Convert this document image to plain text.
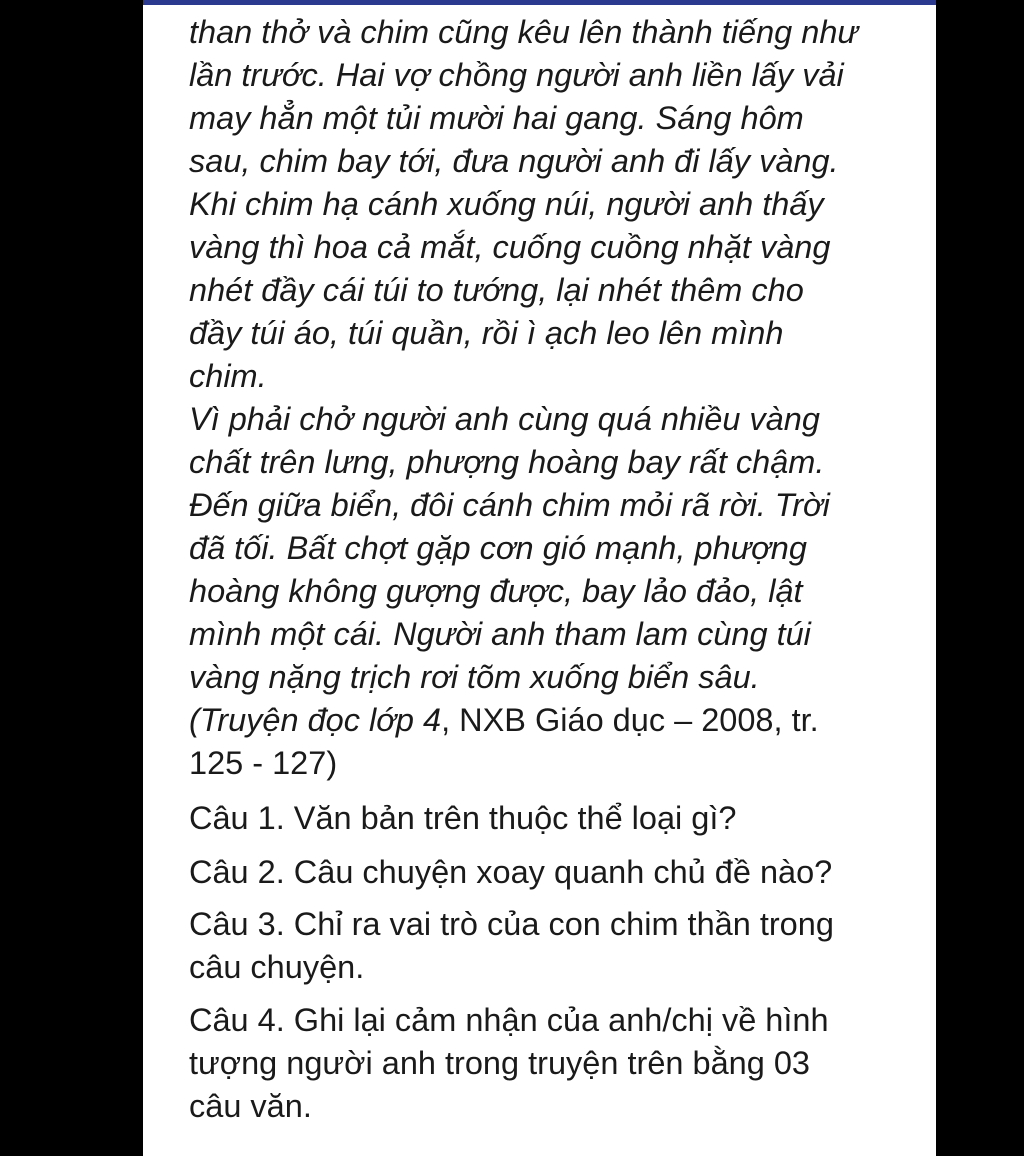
than thở và chim cũng kêu lên thành tiếng như
lần trước. Hai vợ chồng người anh liền lấy vải
may hẳn một tủi mười hai gang. Sáng hôm
sau, chim bay tới, đưa người anh đi lấy vàng.
Khi chim hạ cánh xuống núi, người anh thấy
vàng thì hoa cả mắt, cuống cuồng nhặt vàng
nhét đầy cái túi to tướng, lại nhét thêm cho
đầy túi áo, túi quần, rồi ì ạch leo lên mình
chim.

Vì phải chở người anh cùng quá nhiều vàng
chất trên lưng, phượng hoàng bay rất chậm.
Đến giữa biển, đôi cánh chim mỏi rã rời. Trời
đã tối. Bất chợt gặp cơn gió mạnh, phượng
hoàng không gượng được, bay lảo đảo, lật
mình một cái. Người anh tham lam cùng túi
vàng nặng trịch rơi tõm xuống biển sâu.

(Truyện đọc lớp 4, NXB Giáo dục – 2008, tr.
125 - 127)

Câu 1. Văn bản trên thuộc thể loại gì?

Câu 2. Câu chuyện xoay quanh chủ đề nào?

Câu 3. Chỉ ra vai trò của con chim thần trong
câu chuyện.

Câu 4. Ghi lại cảm nhận của anh/chị về hình
tượng người anh trong truyện trên bằng 03
câu văn.
